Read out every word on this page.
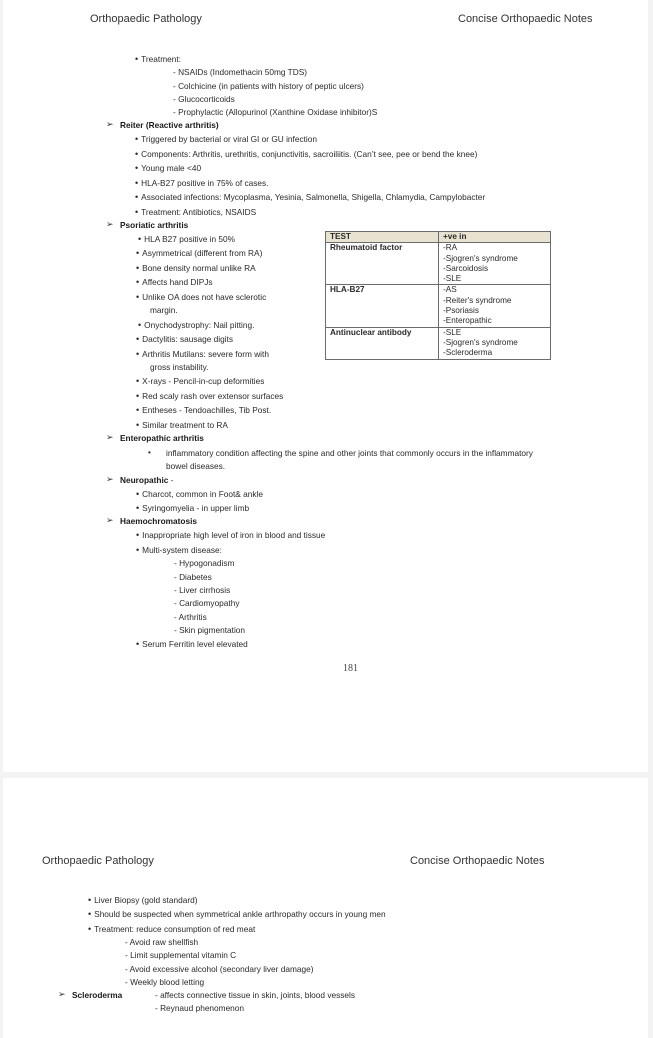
Orthopaedic Pathology	Concise Orthopaedic Notes
• Treatment:
- NSAIDs (Indomethacin 50mg TDS)
- Colchicine (in patients with history of peptic ulcers)
- Glucocorticoids
- Prophylactic (Allopurinol (Xanthine Oxidase inhibitor)S
➢ Reiter (Reactive arthritis)
• Triggered by bacterial or viral GI or GU infection
• Components: Arthritis, urethritis, conjunctivitis, sacroiliitis. (Can’t see, pee or bend the knee)
• Young male <40
• HLA-B27 positive in 75% of cases.
• Associated infections: Mycoplasma, Yesinia, Salmonella, Shigella, Chlamydia, Campylobacter
• Treatment: Antibiotics, NSAIDS
➢ Psoriatic arthritis
• HLA B27 positive in 50%
• Asymmetrical (different from RA)
• Bone density normal unlike RA
• Affects hand DIPJs
• Unlike OA does not have sclerotic
margin.
• Onychodystrophy: Nail pitting.
• Dactylitis: sausage digits
• Arthritis Mutilans: severe form with
gross instability.
• X-rays - Pencil-in-cup deformities
• Red scaly rash over extensor surfaces
• Entheses - Tendoachilles, Tib Post.
• Similar treatment to RA
TEST	+ve in
Rheumatoid factor	-RA
-Sjogren's syndrome
-Sarcoidosis
-SLE

HLA-B27	-AS
-Reiter's syndrome
-Psoriasis
-Enteropathic

Antinuclear antibody	-SLE
-Sjogren's syndrome
-Scleroderma
➢ Enteropathic arthritis
• inflammatory condition affecting the spine and other joints that commonly occurs in the inflammatory
bowel diseases.
➢ Neuropathic -
• Charcot, common in Foot& ankle
• Syringomyelia - in upper limb
➢ Haemochromatosis
• Inappropriate high level of iron in blood and tissue
• Multi-system disease:
- Hypogonadism
- Diabetes
- Liver cirrhosis
- Cardiomyopathy
- Arthritis
- Skin pigmentation
• Serum Ferritin level elevated
181
Orthopaedic Pathology	Concise Orthopaedic Notes
• Liver Biopsy (gold standard)
• Should be suspected when symmetrical ankle arthropathy occurs in young men
• Treatment: reduce consumption of red meat
- Avoid raw shellfish
- Limit supplemental vitamin C
- Avoid excessive alcohol (secondary liver damage)
- Weekly blood letting
➢ Scleroderma	- affects connective tissue in skin, joints, blood vessels
- Reynaud phenomenon
